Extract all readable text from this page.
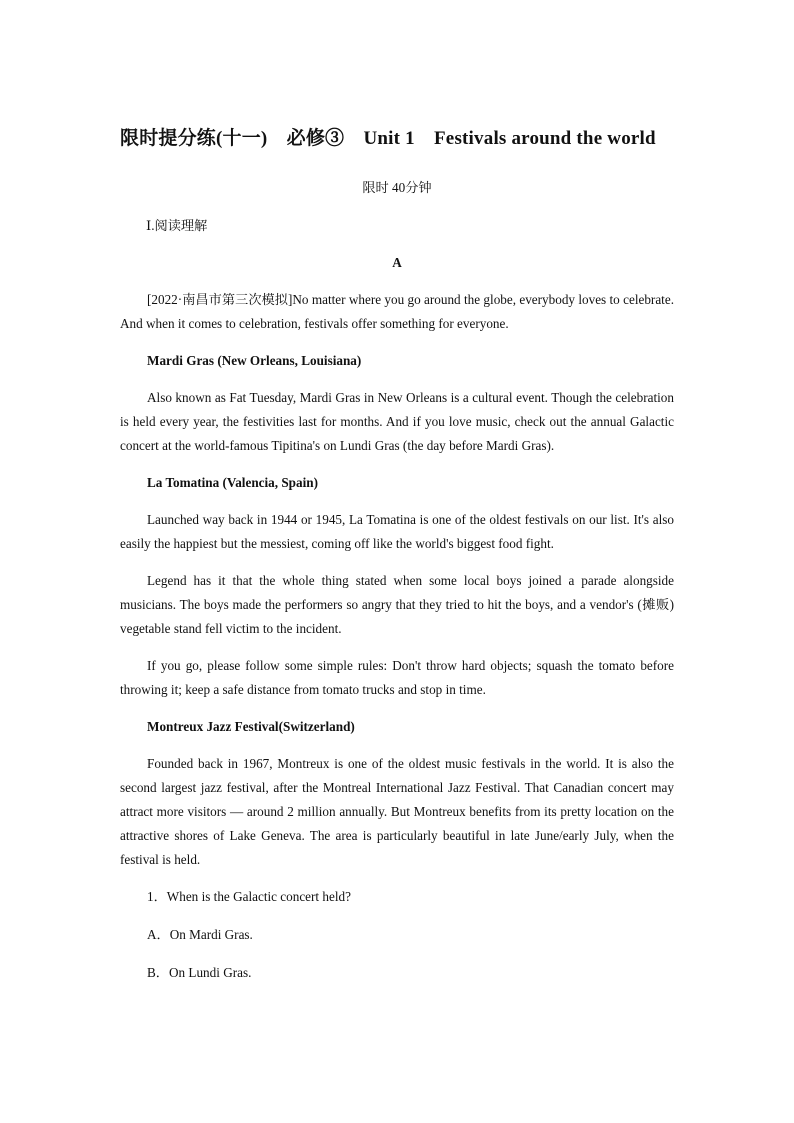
限时提分练(十一)　必修③　Unit 1　Festivals around the world
限时 40分钟
Ⅰ.阅读理解
A

[2022·南昌市第三次模拟]No matter where you go around the globe, everybody loves to celebrate. And when it comes to celebration, festivals offer something for everyone.

Mardi Gras (New Orleans, Louisiana)

Also known as Fat Tuesday, Mardi Gras in New Orleans is a cultural event. Though the celebration is held every year, the festivities last for months. And if you love music, check out the annual Galactic concert at the world-famous Tipitina's on Lundi Gras (the day before Mardi Gras).

La Tomatina (Valencia, Spain)

Launched way back in 1944 or 1945, La Tomatina is one of the oldest festivals on our list. It's also easily the happiest but the messiest, coming off like the world's biggest food fight.

Legend has it that the whole thing stated when some local boys joined a parade alongside musicians. The boys made the performers so angry that they tried to hit the boys, and a vendor's (摊贩) vegetable stand fell victim to the incident.

If you go, please follow some simple rules: Don't throw hard objects; squash the tomato before throwing it; keep a safe distance from tomato trucks and stop in time.

Montreux Jazz Festival(Switzerland)

Founded back in 1967, Montreux is one of the oldest music festivals in the world. It is also the second largest jazz festival, after the Montreal International Jazz Festival. That Canadian concert may attract more visitors — around 2 million annually. But Montreux benefits from its pretty location on the attractive shores of Lake Geneva. The area is particularly beautiful in late June/early July, when the festival is held.

1．When is the Galactic concert held?

A．On Mardi Gras.

B．On Lundi Gras.
